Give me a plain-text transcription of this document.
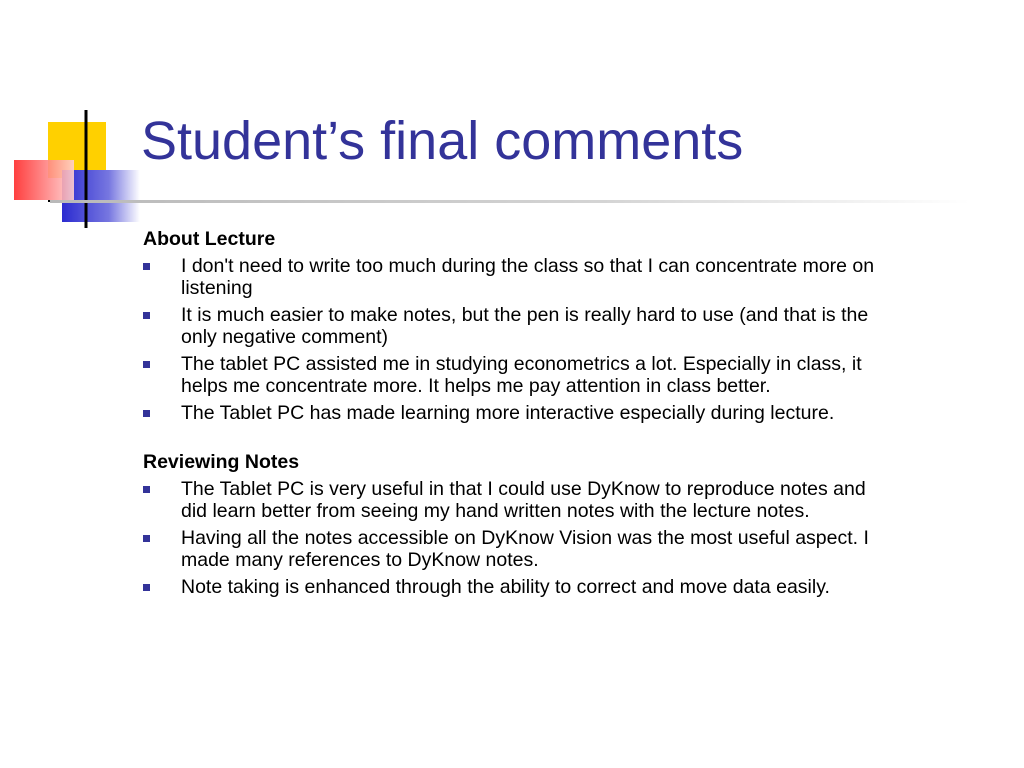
Student’s final comments
About Lecture
I don't need to write too much during the class so that I can concentrate more on listening
It is much easier to make notes, but the pen is really hard to use (and that is the only negative comment)
The tablet PC assisted me in studying econometrics a lot. Especially in class, it helps me concentrate more. It helps me pay attention in class better.
The Tablet PC has made learning more interactive especially during lecture.
Reviewing Notes
The Tablet PC is very useful in that I could use DyKnow to reproduce notes and did learn better from seeing my hand written notes with the lecture notes.
Having all the notes accessible on DyKnow Vision was the most useful aspect. I made many references to DyKnow notes.
Note taking is enhanced through the ability to correct and move data easily.
